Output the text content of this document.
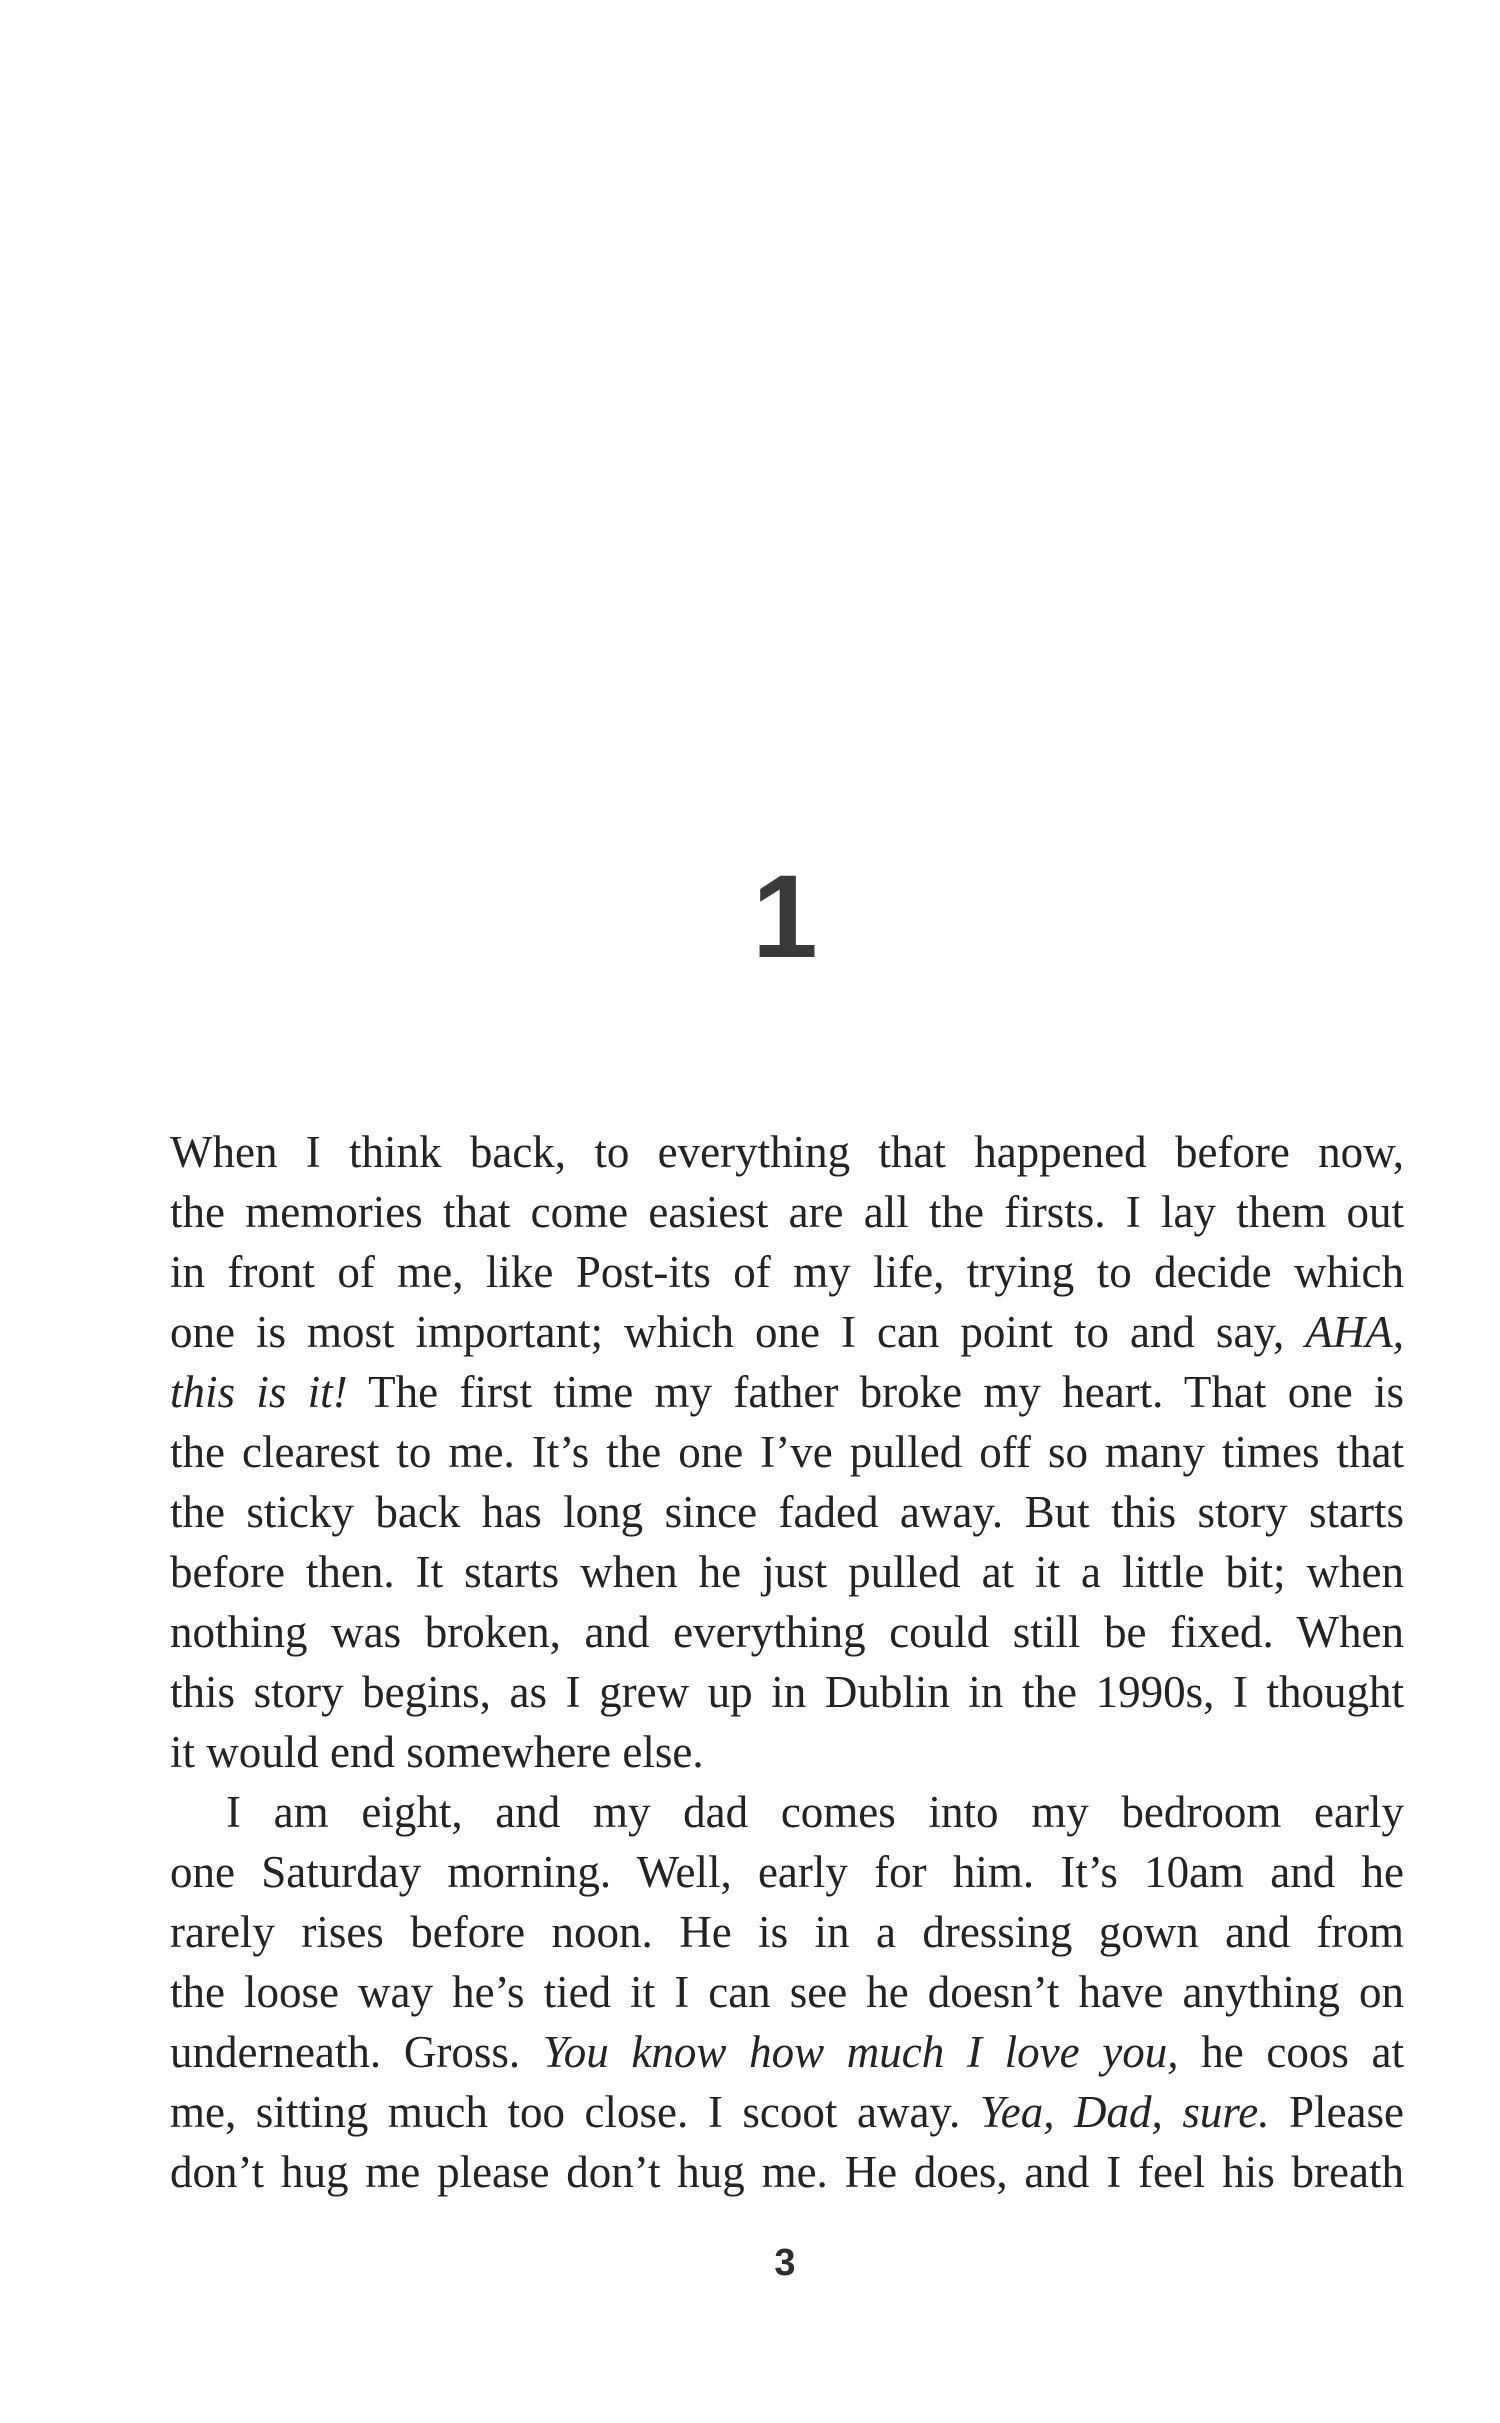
1
When I think back, to everything that happened before now,
the memories that come easiest are all the firsts. I lay them out
in front of me, like Post-its of my life, trying to decide which
one is most important; which one I can point to and say, AHA,
this is it! The first time my father broke my heart. That one is
the clearest to me. It’s the one I’ve pulled off so many times that
the sticky back has long since faded away. But this story starts
before then. It starts when he just pulled at it a little bit; when
nothing was broken, and everything could still be fixed. When
this story begins, as I grew up in Dublin in the 1990s, I thought
it would end somewhere else.
I am eight, and my dad comes into my bedroom early
one Saturday morning. Well, early for him. It’s 10am and he
rarely rises before noon. He is in a dressing gown and from
the loose way he’s tied it I can see he doesn’t have anything on
underneath. Gross. You know how much I love you, he coos at
me, sitting much too close. I scoot away. Yea, Dad, sure. Please
don’t hug me please don’t hug me. He does, and I feel his breath
3
